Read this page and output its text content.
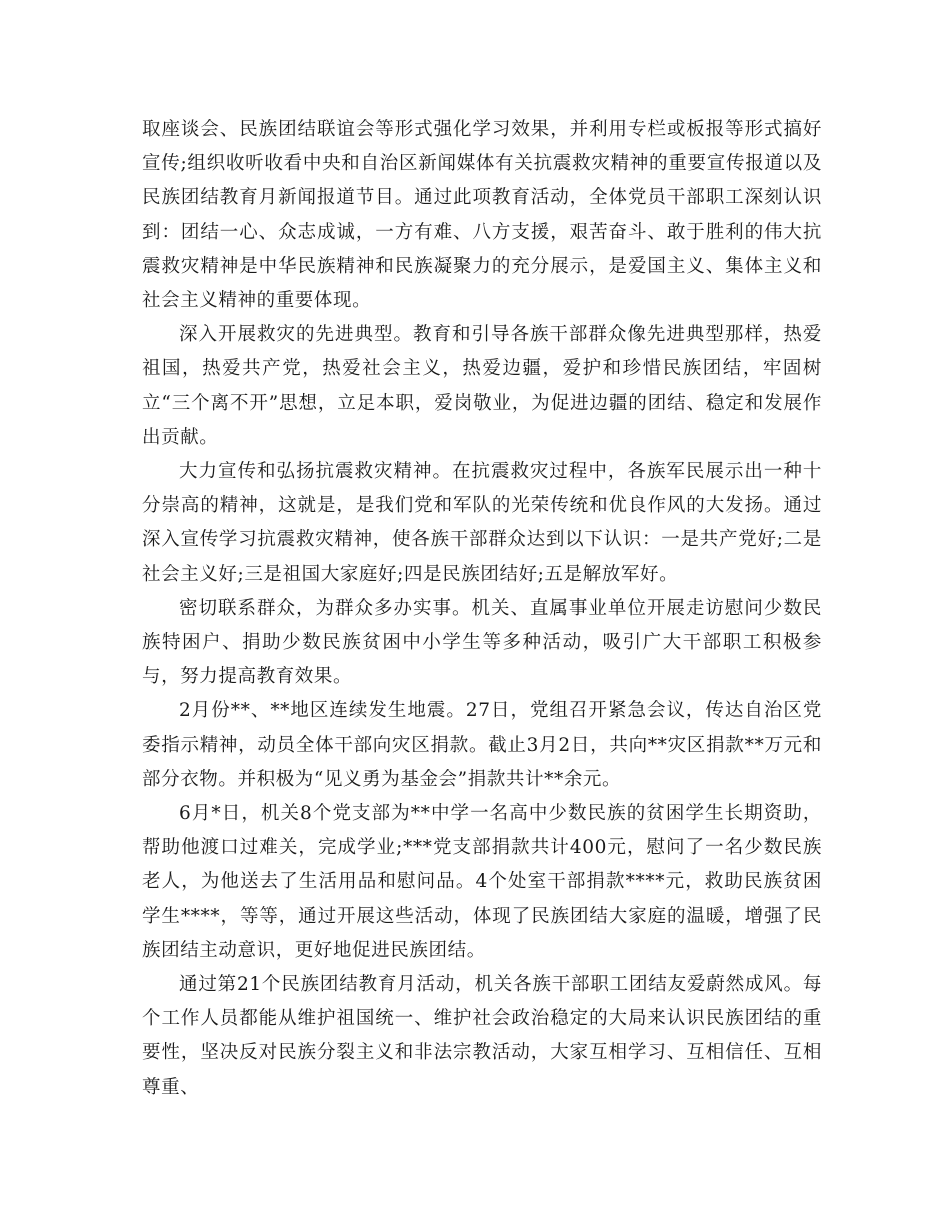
取座谈会、民族团结联谊会等形式强化学习效果，并利用专栏或板报等形式搞好宣传;组织收听收看中央和自治区新闻媒体有关抗震救灾精神的重要宣传报道以及民族团结教育月新闻报道节目。通过此项教育活动，全体党员干部职工深刻认识到：团结一心、众志成诚，一方有难、八方支援，艰苦奋斗、敢于胜利的伟大抗震救灾精神是中华民族精神和民族凝聚力的充分展示，是爱国主义、集体主义和社会主义精神的重要体现。

深入开展救灾的先进典型。教育和引导各族干部群众像先进典型那样，热爱祖国，热爱共产党，热爱社会主义，热爱边疆，爱护和珍惜民族团结，牢固树立“三个离不开”思想，立足本职，爱岗敬业，为促进边疆的团结、稳定和发展作出贡献。

大力宣传和弘扬抗震救灾精神。在抗震救灾过程中，各族军民展示出一种十分崇高的精神，这就是，是我们党和军队的光荣传统和优良作风的大发扬。通过深入宣传学习抗震救灾精神，使各族干部群众达到以下认识：一是共产党好;二是社会主义好;三是祖国大家庭好;四是民族团结好;五是解放军好。

密切联系群众，为群众多办实事。机关、直属事业单位开展走访慰问少数民族特困户、捐助少数民族贫困中小学生等多种活动，吸引广大干部职工积极参与，努力提高教育效果。

2月份**、**地区连续发生地震。27日，党组召开紧急会议，传达自治区党委指示精神，动员全体干部向灾区捐款。截止3月2日，共向**灾区捐款**万元和部分衣物。并积极为“见义勇为基金会”捐款共计**余元。

6月*日，机关8个党支部为**中学一名高中少数民族的贫困学生长期资助，帮助他渡口过难关，完成学业;***党支部捐款共计400元，慰问了一名少数民族老人，为他送去了生活用品和慰问品。4个处室干部捐款****元，救助民族贫困学生****，等等，通过开展这些活动，体现了民族团结大家庭的温暖，增强了民族团结主动意识，更好地促进民族团结。

通过第21个民族团结教育月活动，机关各族干部职工团结友爱蔚然成风。每个工作人员都能从维护祖国统一、维护社会政治稳定的大局来认识民族团结的重要性，坚决反对民族分裂主义和非法宗教活动，大家互相学习、互相信任、互相尊重、
